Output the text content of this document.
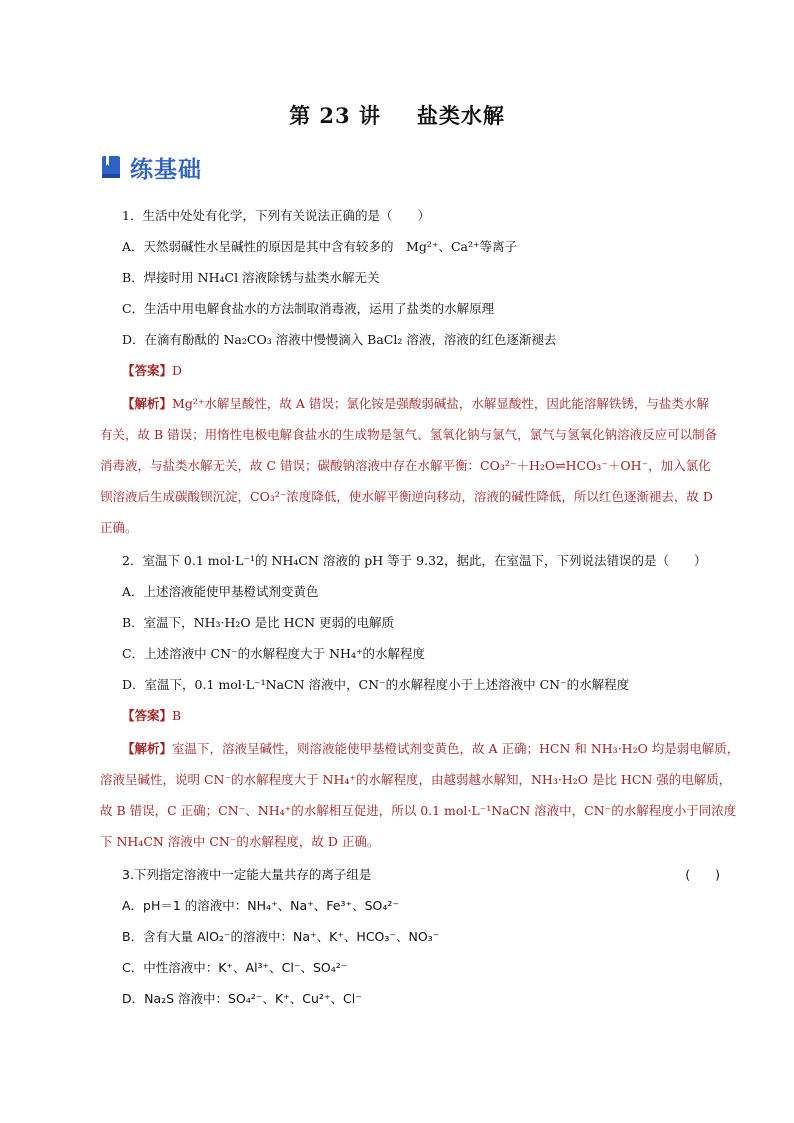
第 23 讲 盐类水解
练基础
1．生活中处处有化学，下列有关说法正确的是（　　）
A．天然弱碱性水呈碱性的原因是其中含有较多的　Mg²⁺、Ca²⁺等离子
B．焊接时用 NH₄Cl 溶液除锈与盐类水解无关
C．生活中用电解食盐水的方法制取消毒液，运用了盐类的水解原理
D．在滴有酚酞的 Na₂CO₃ 溶液中慢慢滴入 BaCl₂ 溶液，溶液的红色逐渐褪去
【答案】D
【解析】Mg²⁺水解呈酸性，故 A 错误；氯化铵是强酸弱碱盐，水解显酸性，因此能溶解铁锈，与盐类水解
有关，故 B 错误；用惰性电极电解食盐水的生成物是氢气、氢氧化钠与氯气，氯气与氢氧化钠溶液反应可以制备
消毒液，与盐类水解无关，故 C 错误；碳酸钠溶液中存在水解平衡：CO₃²⁻＋H₂O⇌HCO₃⁻＋OH⁻，加入氯化
钡溶液后生成碳酸钡沉淀，CO₃²⁻浓度降低，使水解平衡逆向移动，溶液的碱性降低，所以红色逐渐褪去，故 D
正确。
2．室温下 0.1 mol·L⁻¹的 NH₄CN 溶液的 pH 等于 9.32，据此，在室温下，下列说法错误的是（　　）
A．上述溶液能使甲基橙试剂变黄色
B．室温下，NH₃·H₂O 是比 HCN 更弱的电解质
C．上述溶液中 CN⁻的水解程度大于 NH₄⁺的水解程度
D．室温下，0.1 mol·L⁻¹NaCN 溶液中，CN⁻的水解程度小于上述溶液中 CN⁻的水解程度
【答案】B
【解析】室温下，溶液呈碱性，则溶液能使甲基橙试剂变黄色，故 A 正确；HCN 和 NH₃·H₂O 均是弱电解质，
溶液呈碱性，说明 CN⁻的水解程度大于 NH₄⁺的水解程度，由越弱越水解知，NH₃·H₂O 是比 HCN 强的电解质，
故 B 错误，C 正确；CN⁻、NH₄⁺的水解相互促进，所以 0.1 mol·L⁻¹NaCN 溶液中，CN⁻的水解程度小于同浓度
下 NH₄CN 溶液中 CN⁻的水解程度，故 D 正确。
3.下列指定溶液中一定能大量共存的离子组是	(　　)
A．pH＝1 的溶液中：NH₄⁺、Na⁺、Fe³⁺、SO₄²⁻
B．含有大量 AlO₂⁻的溶液中：Na⁺、K⁺、HCO₃⁻、NO₃⁻
C．中性溶液中：K⁺、Al³⁺、Cl⁻、SO₄²⁻
D．Na₂S 溶液中：SO₄²⁻、K⁺、Cu²⁺、Cl⁻
